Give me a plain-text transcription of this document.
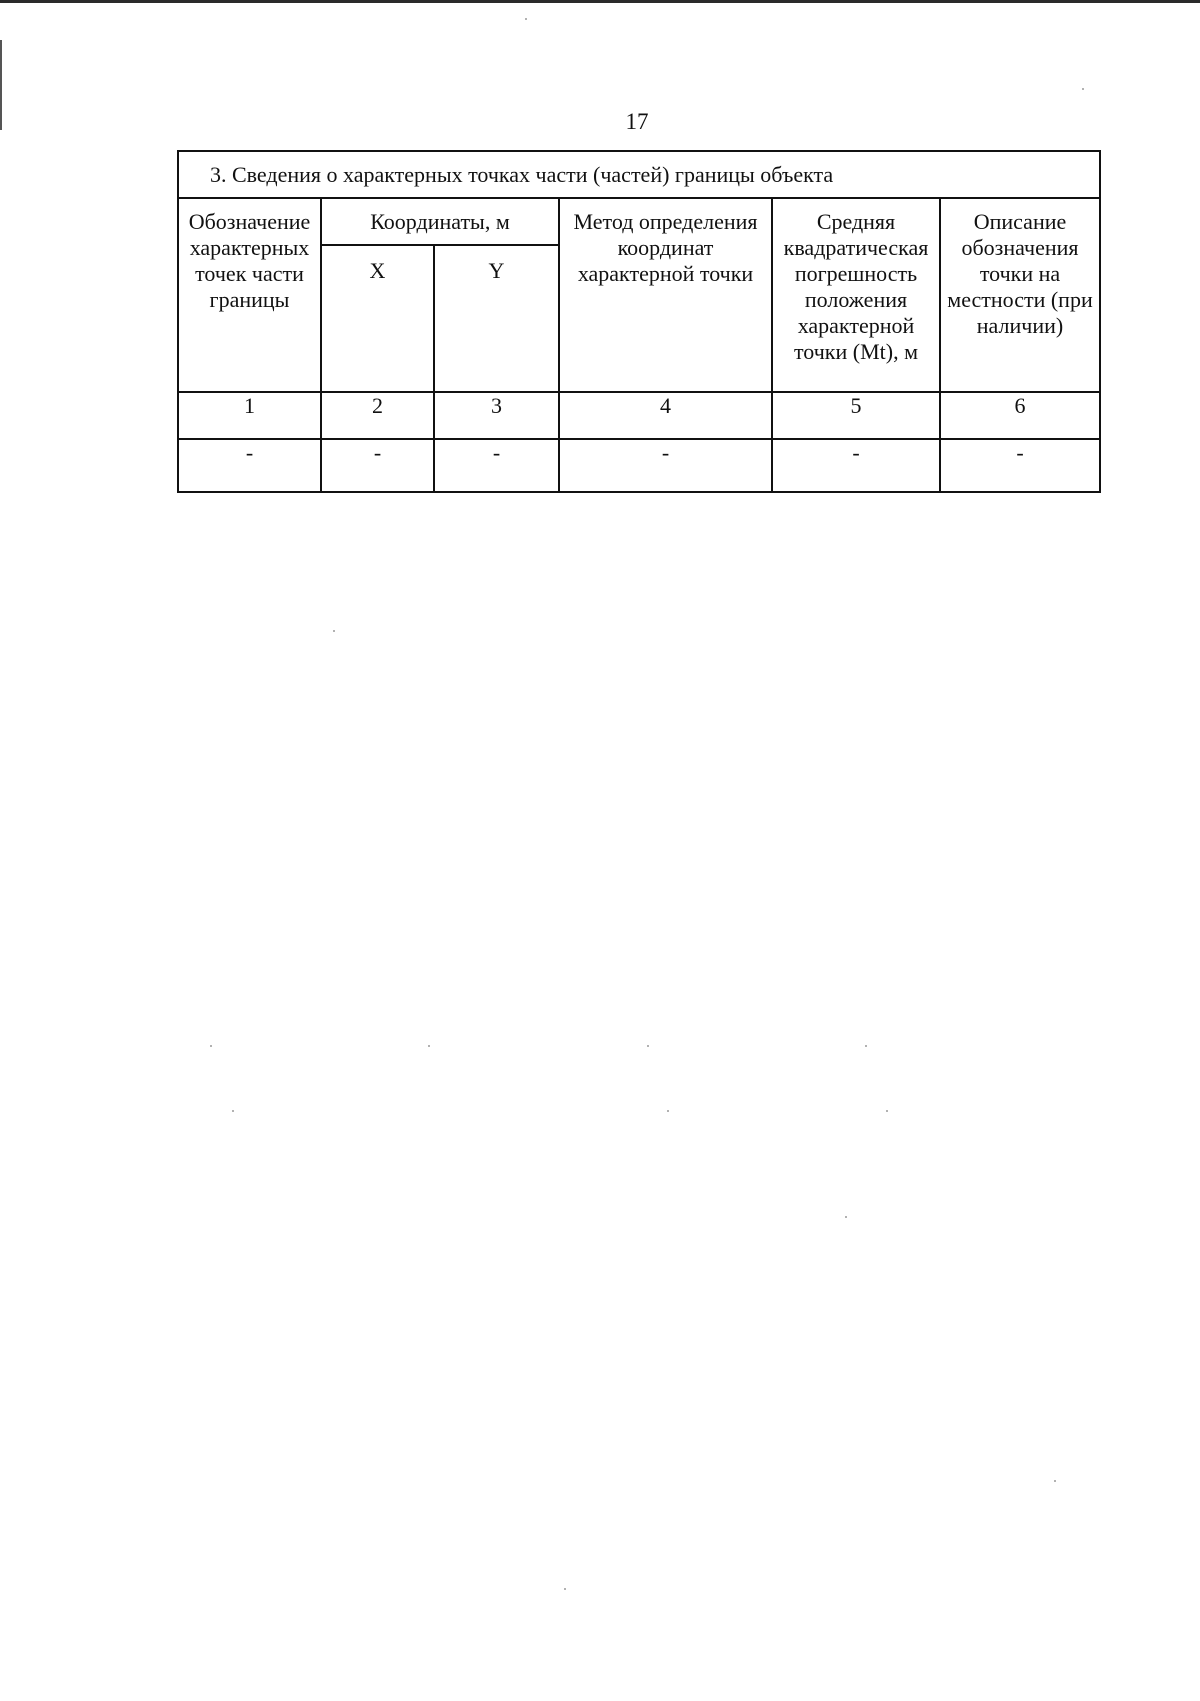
17
3. Сведения о характерных точках части (частей) границы объекта					
Обозначение характерных точек части границы	Координаты, м		Метод определения координат характерной точки	Средняя квадратическая погрешность положения характерной точки (Mt), м	Описание обозначения точки на местности (при наличии)
	X	Y			
1	2	3	4	5	6
-	-	-	-	-	-
